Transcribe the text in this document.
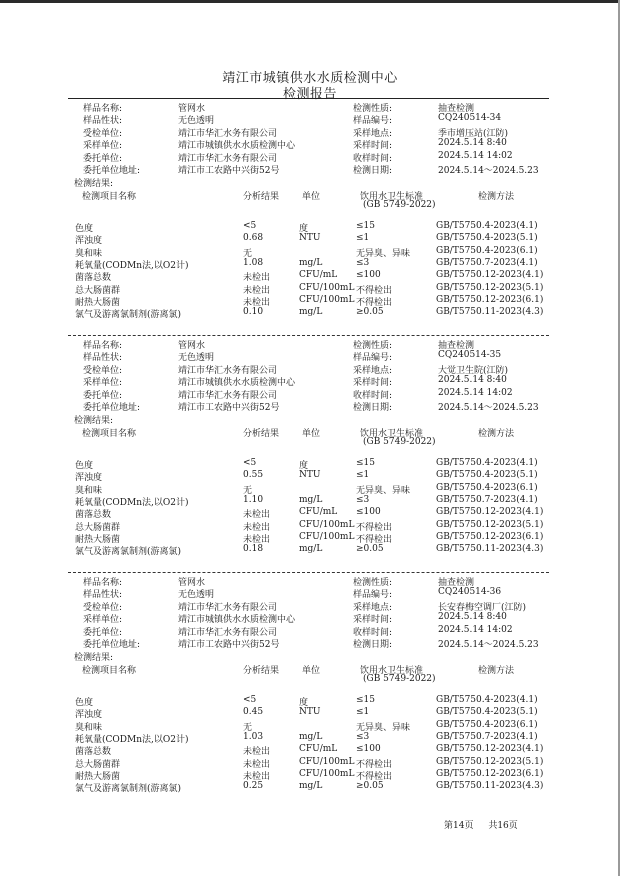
靖江市城镇供水水质检测中心
检测报告
样品名称:	管网水	检测性质:	抽查检测
样品性状:	无色透明	样品编号:	CQ240514-34
受检单位:	靖江市华汇水务有限公司	采样地点:	季市增压站(江防)
采样单位:	靖江市城镇供水水质检测中心	采样时间:	2024.5.14 8:40
委托单位:	靖江市华汇水务有限公司	收样时间:	2024.5.14 14:02
委托单位地址:	靖江市工农路中兴街52号	检测日期:	2024.5.14～2024.5.23
检测结果:
检测项目名称	分析结果	单位	饮用水卫生标准
(GB 5749-2022)
检测方法
色度	<5	度	≤15	GB/T5750.4-2023(4.1)
浑浊度	0.68	NTU	≤1	GB/T5750.4-2023(5.1)
臭和味	无	无异臭、异味	GB/T5750.4-2023(6.1)
耗氧量(CODMn法,以O2计)	1.08	mg/L	≤3	GB/T5750.7-2023(4.1)
菌落总数	未检出	CFU/mL ≤100	GB/T5750.12-2023(4.1)
总大肠菌群	未检出	CFU/100mL 不得检出	GB/T5750.12-2023(5.1)
耐热大肠菌	未检出	CFU/100mL 不得检出	GB/T5750.12-2023(6.1)
氯气及游离氯制剂(游离氯)	0.10	mg/L	≥0.05	GB/T5750.11-2023(4.3)
样品名称:	管网水	检测性质:	抽查检测
样品性状:	无色透明	样品编号:	CQ240514-35
受检单位:	靖江市华汇水务有限公司	采样地点:	大觉卫生院(江防)
采样单位:	靖江市城镇供水水质检测中心	采样时间:	2024.5.14 8:40
委托单位:	靖江市华汇水务有限公司	收样时间:	2024.5.14 14:02
委托单位地址:	靖江市工农路中兴街52号	检测日期:	2024.5.14～2024.5.23
检测结果:
检测项目名称	分析结果	单位	饮用水卫生标准
(GB 5749-2022)
检测方法
色度	<5	度	≤15	GB/T5750.4-2023(4.1)
浑浊度	0.55	NTU	≤1	GB/T5750.4-2023(5.1)
臭和味	无	无异臭、异味	GB/T5750.4-2023(6.1)
耗氧量(CODMn法,以O2计)	1.10	mg/L	≤3	GB/T5750.7-2023(4.1)
菌落总数	未检出	CFU/mL ≤100	GB/T5750.12-2023(4.1)
总大肠菌群	未检出	CFU/100mL 不得检出	GB/T5750.12-2023(5.1)
耐热大肠菌	未检出	CFU/100mL 不得检出	GB/T5750.12-2023(6.1)
氯气及游离氯制剂(游离氯)	0.18	mg/L	≥0.05	GB/T5750.11-2023(4.3)
样品名称:	管网水	检测性质:	抽查检测
样品性状:	无色透明	样品编号:	CQ240514-36
受检单位:	靖江市华汇水务有限公司	采样地点:	长安春梅空调厂(江防)
采样单位:	靖江市城镇供水水质检测中心	采样时间:	2024.5.14 8:40
委托单位:	靖江市华汇水务有限公司	收样时间:	2024.5.14 14:02
委托单位地址:	靖江市工农路中兴街52号	检测日期:	2024.5.14～2024.5.23
检测结果:
检测项目名称	分析结果	单位	饮用水卫生标准
(GB 5749-2022)
检测方法
色度	<5	度	≤15	GB/T5750.4-2023(4.1)
浑浊度	0.45	NTU	≤1	GB/T5750.4-2023(5.1)
臭和味	无	无异臭、异味	GB/T5750.4-2023(6.1)
耗氧量(CODMn法,以O2计)	1.03	mg/L	≤3	GB/T5750.7-2023(4.1)
菌落总数	未检出	CFU/mL ≤100	GB/T5750.12-2023(4.1)
总大肠菌群	未检出	CFU/100mL 不得检出	GB/T5750.12-2023(5.1)
耐热大肠菌	未检出	CFU/100mL 不得检出	GB/T5750.12-2023(6.1)
氯气及游离氯制剂(游离氯)	0.25	mg/L	≥0.05	GB/T5750.11-2023(4.3)
第14页 共16页
